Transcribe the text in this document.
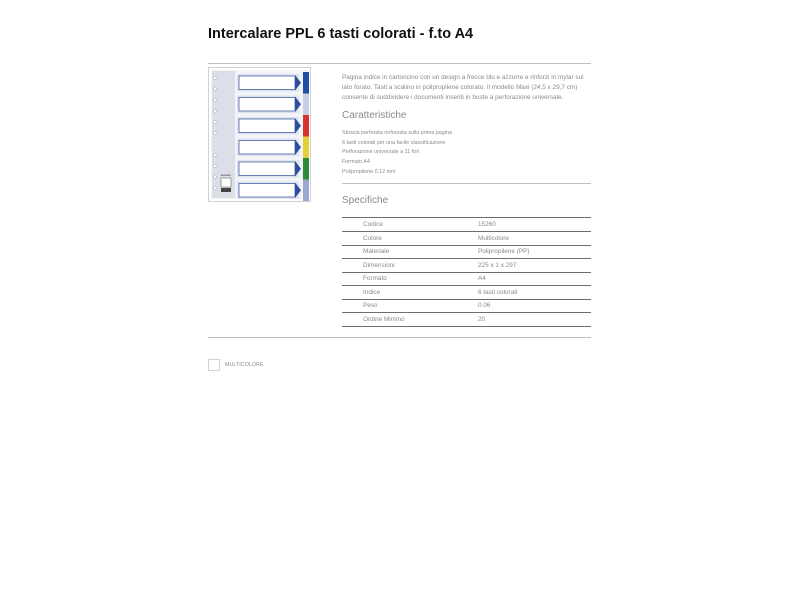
Intercalare PPL 6 tasti colorati - f.to A4
Esselte

Pagina indice in cartoncino con un design a frecce blu e azzurre e rinforzi in mylar sul lato forato. Tasti a scalino in polipropilene colorato. Il modello Maxi (24,5 x 29,7 cm) consente di suddividere i documenti inseriti in buste a perforazione universale.

Caratteristiche
Striscia perforata rinforzata sulla prima pagina
6 tasti colorati per una facile classificazione
Perforazione universale a 11 fori
Formato A4
Polipropilene 0.12 mm
Specifiche
Codice	15260
Colore	Multicolore
Materiale	Polipropilene (PP)
Dimensioni	225 x 1 x 297
Formato	A4
Indice	6 tasti colorati
Peso	0.06
Ordine Minimo	20
MULTICOLORE
